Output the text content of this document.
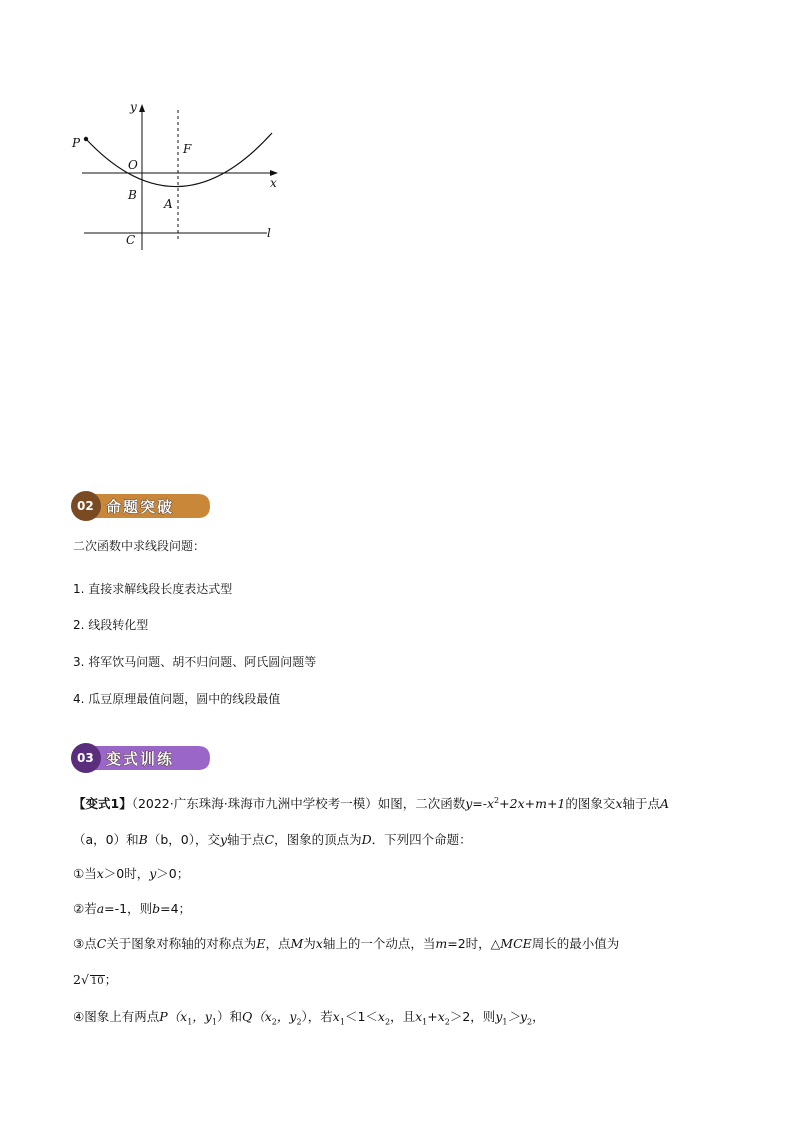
P
y
O
F
x
B
A
C	l
02 命题突破
二次函数中求线段问题：
1. 直接求解线段长度表达式型
2. 线段转化型
3. 将军饮马问题、胡不归问题、阿氏圆问题等
4. 瓜豆原理最值问题，圆中的线段最值
03 变式训练
【变式1】（2022·广东珠海·珠海市九洲中学校考一模）如图，二次函数$y=-x^2+2x+m+1$的图象交x轴于点A
（a，0）和B（b，0），交y轴于点C，图象的顶点为D．下列四个命题：
①当x＞0时，y＞0；
②若a=-1，则b=4；
③点C关于图象对称轴的对称点为E，点M为x轴上的一个动点，当m=2时，△MCE周长的最小值为
2√ 10；
④图象上有两点$P(x_1$，$y_1$）和$Q(x_2$，$y_2$），若$x_1<1<x_2$，且$x_1+x_2>2$，则$y_1>y_2$，
